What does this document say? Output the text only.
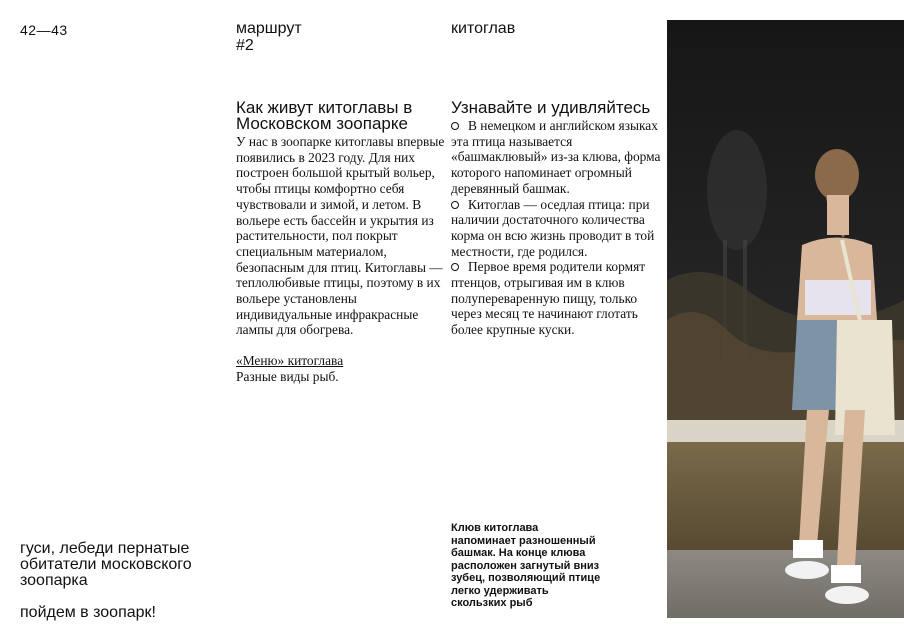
42—43	маршрут
#2
китоглав
Как живут китоглавы в Московском зоопарке

У нас в зоопарке китоглавы впервые появились в 2023 году. Для них построен большой крытый вольер, чтобы птицы комфортно себя чувствовали и зимой, и летом. В вольере есть бассейн и укрытия из растительности, пол покрыт специальным материалом, безопасным для птиц. Китоглавы — теплолюбивые птицы, поэтому в их вольере установлены индивидуальные инфракрасные лампы для обогрева.

«Меню» китоглава
Разные виды рыб.

Узнавайте и удивляйтесь

В немецком и английском языках эта птица называется «башмаклювый» из-за клюва, форма которого напоминает огромный деревянный башмак.

Китоглав — оседлая птица: при наличии достаточного количества корма он всю жизнь проводит в той местности, где родился.

Первое время родители кормят птенцов, отрыгивая им в клюв полупереваренную пищу, только через месяц те начинают глотать более крупные куски.

Клюв китоглава напоминает разношенный башмак. На конце клюва расположен загнутый вниз зубец, позволяющий птице легко удерживать скользких рыб
гуси, лебеди пернатые обитатели московского зоопарка
пойдем в зоопарк!
